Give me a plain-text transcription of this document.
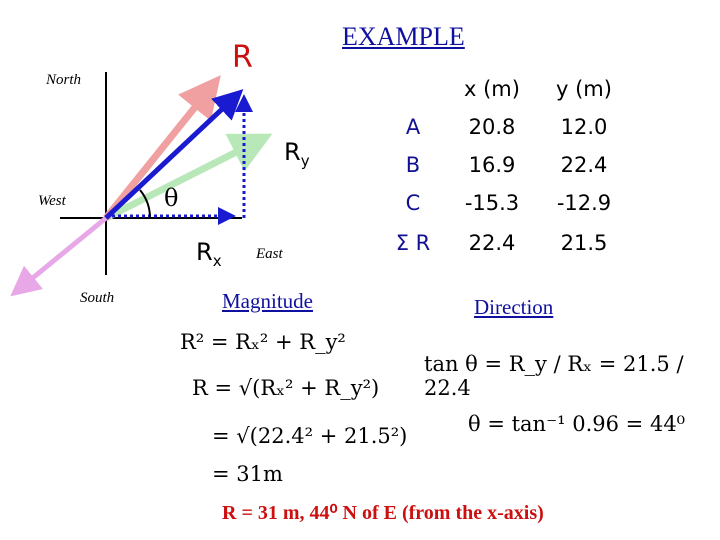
EXAMPLE
R
North
West
East
South
$R_y$
$R_x$
θ
	x (m)	y (m)
A	20.8	12.0
B	16.9	22.4
C	-15.3	-12.9
Σ R	22.4	21.5
Magnitude
R² = Rₓ² + R_y²
R = √(Rₓ² + R_y²)
= √(22.4² + 21.5²)
= 31m
Direction
tan θ = R_y / Rₓ = 21.5 / 22.4
θ = tan⁻¹ 0.96 = 44⁰
R = 31 m, 44⁰ N of E (from the x-axis)
